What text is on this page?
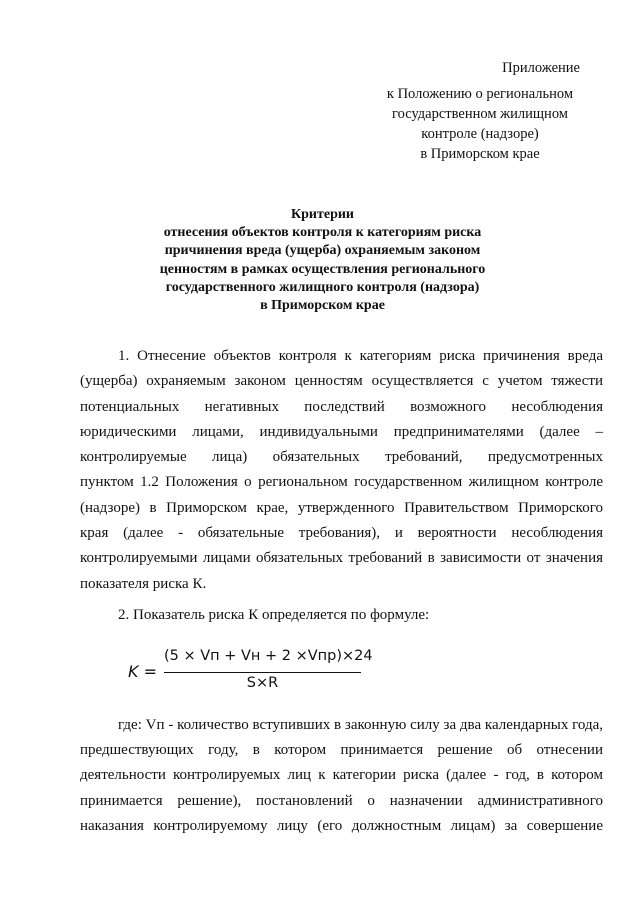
Приложение
к Положению о региональном
государственном жилищном
контроле (надзоре)
в Приморском крае
Критерии
отнесения объектов контроля к категориям риска
причинения вреда (ущерба) охраняемым законом
ценностям в рамках осуществления регионального
государственного жилищного контроля (надзора)
в Приморском крае
1. Отнесение объектов контроля к категориям риска причинения вреда
(ущерба) охраняемым законом ценностям осуществляется с учетом тяжести
потенциальных негативных последствий возможного несоблюдения
юридическими лицами, индивидуальными предпринимателями (далее –
контролируемые лица) обязательных требований, предусмотренных
пунктом 1.2 Положения о региональном государственном жилищном контроле
(надзоре) в Приморском крае, утвержденного Правительством Приморского
края (далее - обязательные требования), и вероятности несоблюдения
контролируемыми лицами обязательных требований в зависимости от значения
показателя риска К.
2. Показатель риска К определяется по формуле:
K =
(5 × Vп + Vн + 2 ×Vпр)×24
S×R
где: Vп - количество вступивших в законную силу за два календарных года,
предшествующих году, в котором принимается решение об отнесении
деятельности контролируемых лиц к категории риска (далее - год, в котором
принимается решение), постановлений о назначении административного
наказания контролируемому лицу (его должностным лицам) за совершение
